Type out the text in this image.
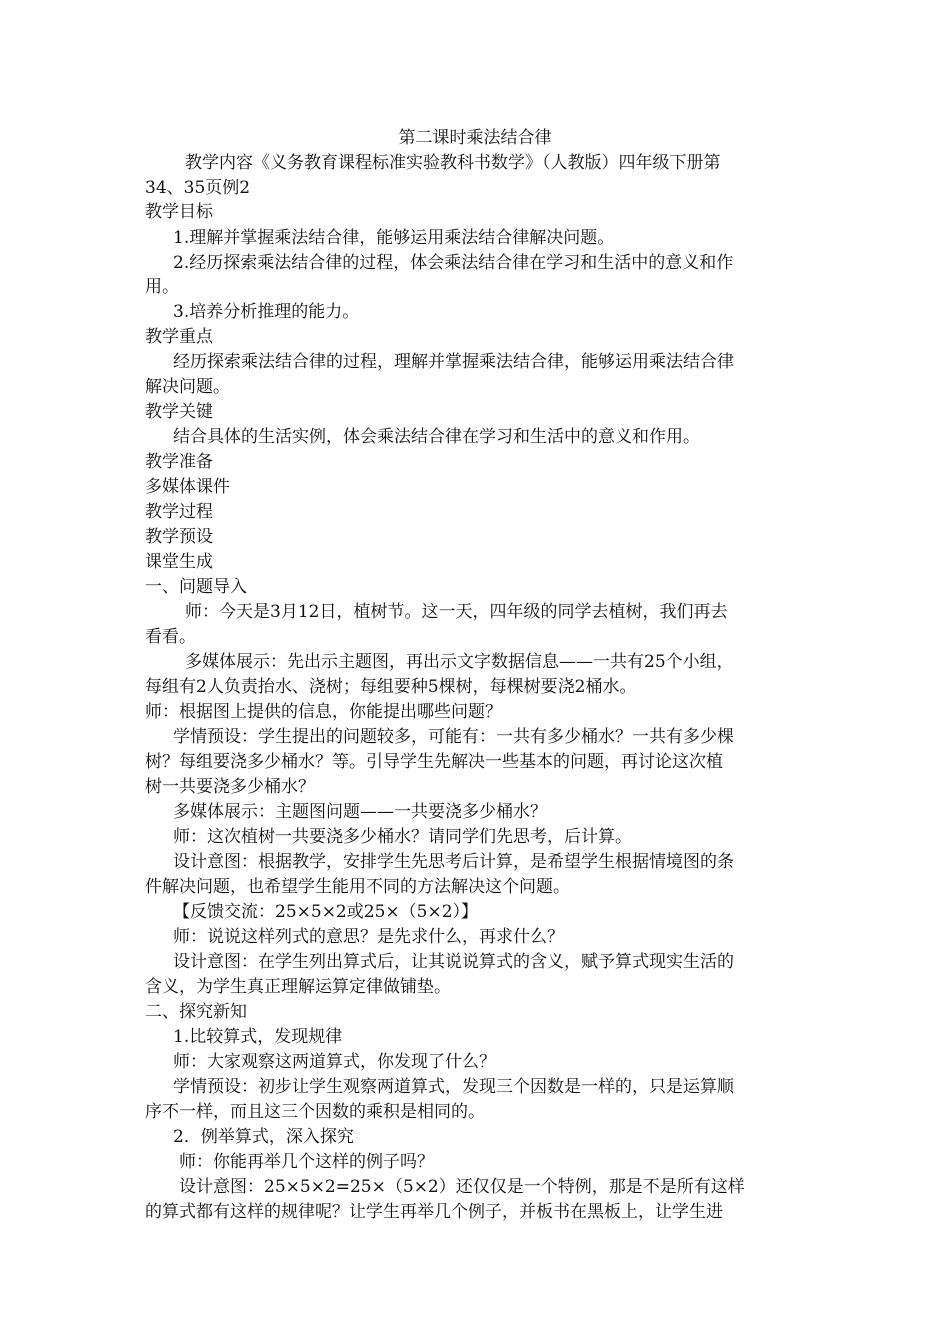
第二课时乘法结合律
教学内容《义务教育课程标准实验教科书数学》（人教版）四年级下册第
34、35页例2
教学目标
1.理解并掌握乘法结合律，能够运用乘法结合律解决问题。
2.经历探索乘法结合律的过程，体会乘法结合律在学习和生活中的意义和作
用。
3.培养分析推理的能力。
教学重点
经历探索乘法结合律的过程，理解并掌握乘法结合律，能够运用乘法结合律
解决问题。
教学关键
结合具体的生活实例，体会乘法结合律在学习和生活中的意义和作用。
教学准备
多媒体课件
教学过程
教学预设
课堂生成
一、问题导入
师：今天是3月12日，植树节。这一天，四年级的同学去植树，我们再去
看看。
多媒体展示：先出示主题图，再出示文字数据信息——一共有25个小组，
每组有2人负责抬水、浇树；每组要种5棵树，每棵树要浇2桶水。
师：根据图上提供的信息，你能提出哪些问题？
学情预设：学生提出的问题较多，可能有：一共有多少桶水？一共有多少棵
树？每组要浇多少桶水？等。引导学生先解决一些基本的问题，再讨论这次植
树一共要浇多少桶水？
多媒体展示：主题图问题——一共要浇多少桶水？
师：这次植树一共要浇多少桶水？请同学们先思考，后计算。
设计意图：根据教学，安排学生先思考后计算，是希望学生根据情境图的条
件解决问题，也希望学生能用不同的方法解决这个问题。
【反馈交流：25×5×2或25×（5×2）】
师：说说这样列式的意思？是先求什么，再求什么？
设计意图：在学生列出算式后，让其说说算式的含义，赋予算式现实生活的
含义，为学生真正理解运算定律做铺垫。
二、探究新知
1.比较算式，发现规律
师：大家观察这两道算式，你发现了什么？
学情预设：初步让学生观察两道算式，发现三个因数是一样的，只是运算顺
序不一样，而且这三个因数的乘积是相同的。
2．例举算式，深入探究
师：你能再举几个这样的例子吗？
设计意图：25×5×2=25×（5×2）还仅仅是一个特例，那是不是所有这样
的算式都有这样的规律呢？让学生再举几个例子，并板书在黑板上，让学生进
